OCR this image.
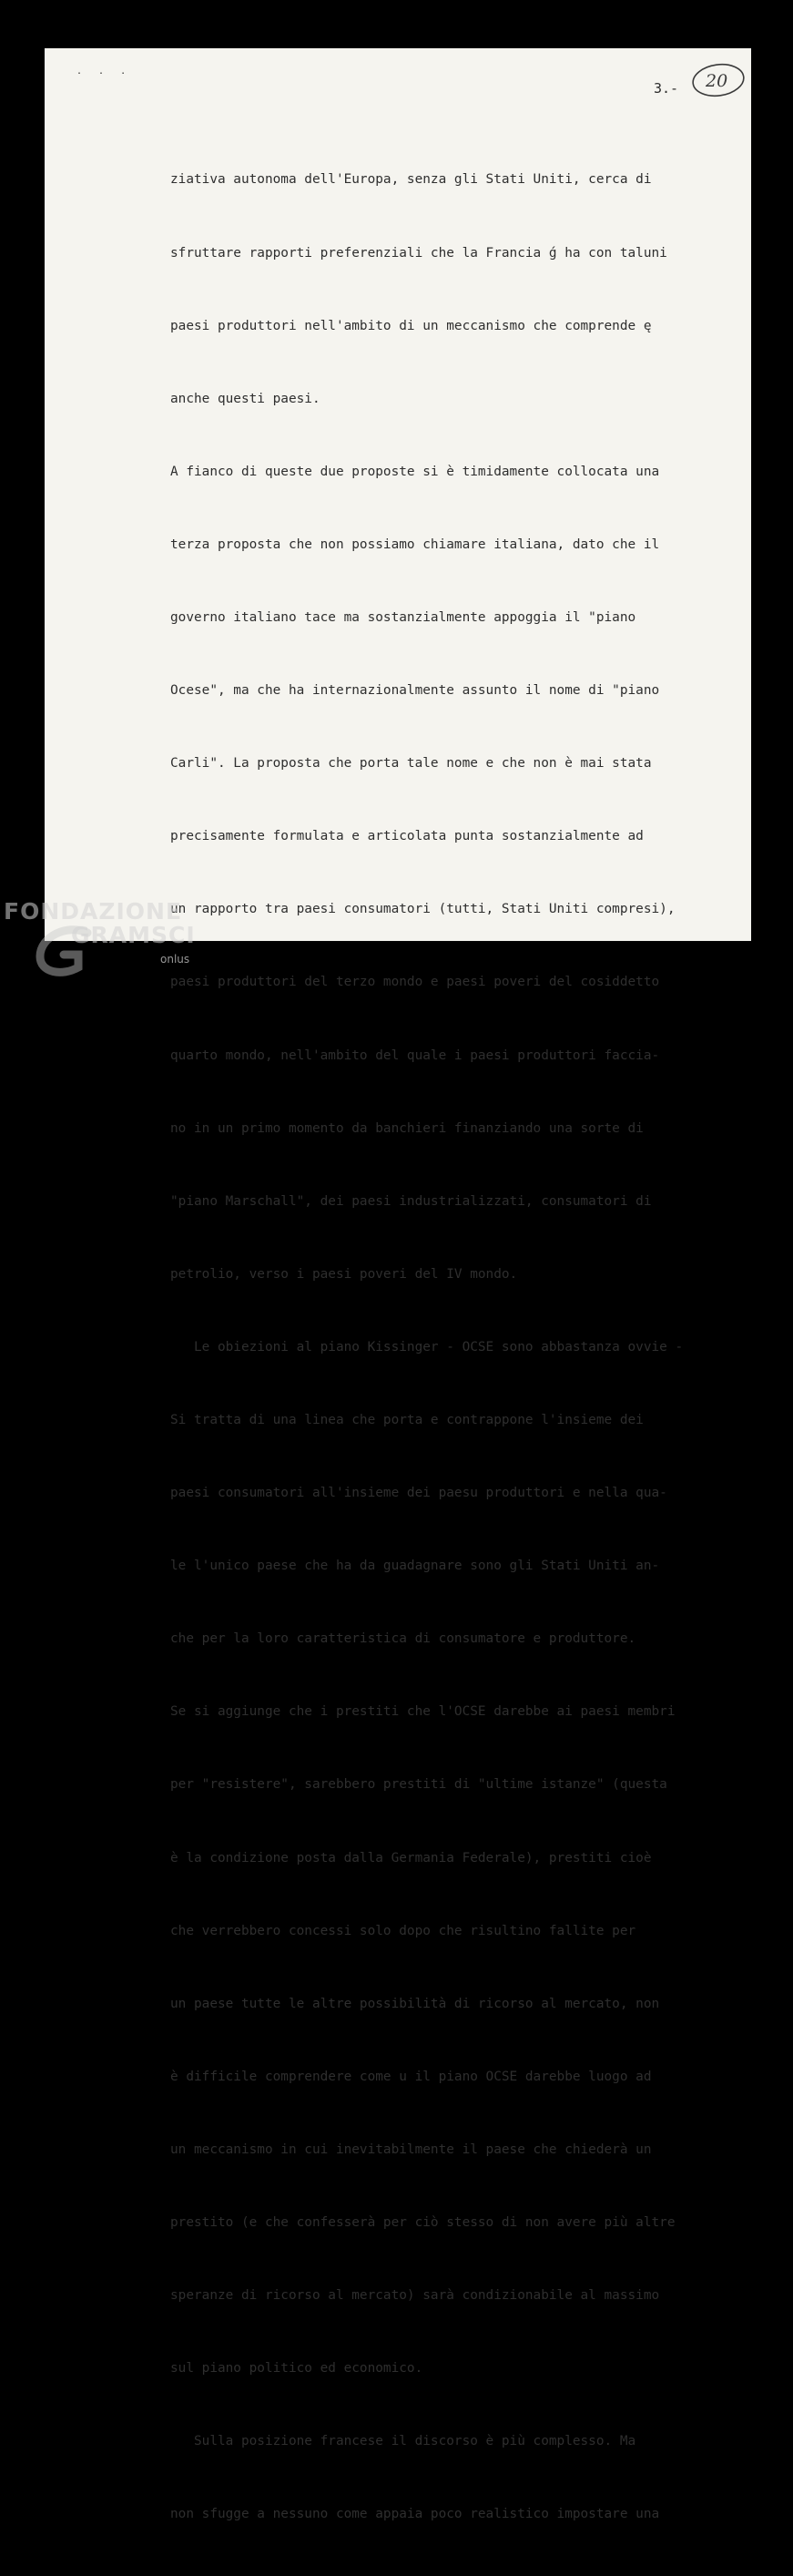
. . .
3.- 20

ziativa autonoma dell'Europa, senza gli Stati Uniti, cerca di

sfruttare rapporti preferenziali che la Francia ǵ ha con taluni

paesi produttori nell'ambito di un meccanismo che comprende ę

anche questi paesi.

A fianco di queste due proposte si è timidamente collocata una

terza proposta che non possiamo chiamare italiana, dato che il

governo italiano tace ma sostanzialmente appoggia il "piano

Ocese", ma che ha internazionalmente assunto il nome di "piano

Carli". La proposta che porta tale nome e che non è mai stata

precisamente formulata e articolata punta sostanzialmente ad

un rapporto tra paesi consumatori (tutti, Stati Uniti compresi),

paesi produttori del terzo mondo e paesi poveri del cosiddetto

quarto mondo, nell'ambito del quale i paesi produttori faccia-

no in un primo momento da banchieri finanziando una sorte di

"piano Marschall", dei paesi industrializzati, consumatori di

petrolio, verso i paesi poveri del IV mondo.

Le obiezioni al piano Kissinger - OCSE sono abbastanza ovvie -

Si tratta di una linea che porta e contrappone l'insieme dei

paesi consumatori all'insieme dei paesu produttori e nella qua-

le l'unico paese che ha da guadagnare sono gli Stati Uniti an-

che per la loro caratteristica di consumatore e produttore.

Se si aggiunge che i prestiti che l'OCSE darebbe ai paesi membri

per "resistere", sarebbero prestiti di "ultime istanze" (questa

è la condizione posta dalla Germania Federale), prestiti cioè

che verrebbero concessi solo dopo che risultino fallite per

un paese tutte le altre possibilità di ricorso al mercato, non

è difficile comprendere come u il piano OCSE darebbe luogo ad

un meccanismo in cui inevitabilmente il paese che chiederà un

prestito (e che confesserà per ciò stesso di non avere più altre

speranze di ricorso al mercato) sarà condizionabile al massimo

sul piano politico ed economico.

Sulla posizione francese il discorso è più complesso. Ma

non sfugge a nessuno come appaia poco realistico impostare una

FONDAZIONE
GRAMSCI
onlus
